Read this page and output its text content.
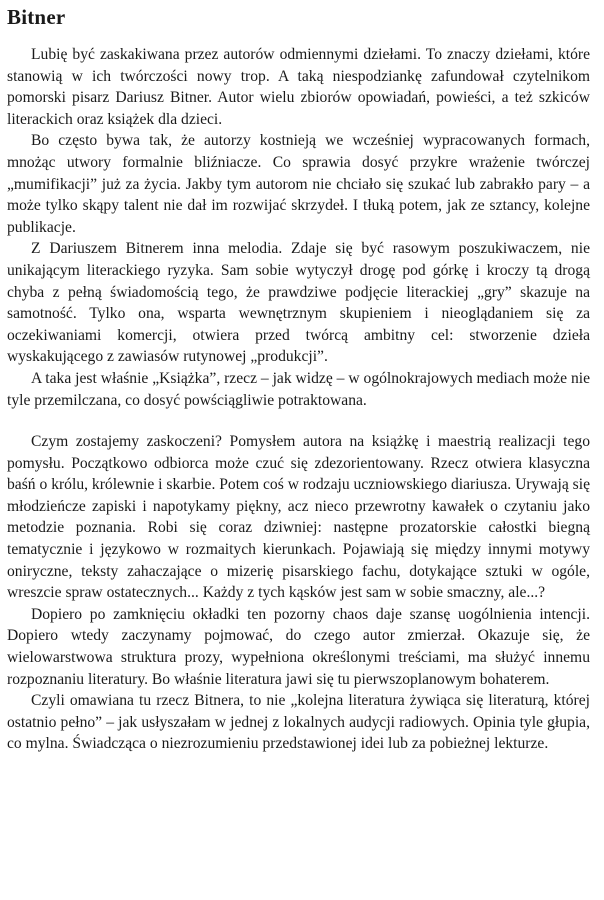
Bitner

Lubię być zaskakiwana przez autorów odmiennymi dziełami. To znaczy dziełami, które stanowią w ich twórczości nowy trop. A taką niespodziankę zafundował czytelnikom pomorski pisarz Dariusz Bitner. Autor wielu zbiorów opowiadań, powieści, a też szkiców literackich oraz książek dla dzieci.

Bo często bywa tak, że autorzy kostnieją we wcześniej wypracowanych formach, mnożąc utwory formalnie bliźniacze. Co sprawia dosyć przykre wrażenie twórczej „mumifikacji” już za życia. Jakby tym autorom nie chciało się szukać lub zabrakło pary – a może tylko skąpy talent nie dał im rozwijać skrzydeł. I tłuką potem, jak ze sztancy, kolejne publikacje.

Z Dariuszem Bitnerem inna melodia. Zdaje się być rasowym poszukiwaczem, nie unikającym literackiego ryzyka. Sam sobie wytyczył drogę pod górkę i kroczy tą drogą chyba z pełną świadomością tego, że prawdziwe podjęcie literackiej „gry” skazuje na samotność. Tylko ona, wsparta wewnętrznym skupieniem i nieoglądaniem się za oczekiwaniami komercji, otwiera przed twórcą ambitny cel: stworzenie dzieła wyskakującego z zawiasów rutynowej „produkcji”.

A taka jest właśnie „Książka”, rzecz – jak widzę – w ogólnokrajowych mediach może nie tyle przemilczana, co dosyć powściągliwie potraktowana.

Czym zostajemy zaskoczeni? Pomysłem autora na książkę i maestrią realizacji tego pomysłu. Początkowo odbiorca może czuć się zdezorientowany. Rzecz otwiera klasyczna baśń o królu, królewnie i skarbie. Potem coś w rodzaju uczniowskiego diariusza. Urywają się młodzieńcze zapiski i napotykamy piękny, acz nieco przewrotny kawałek o czytaniu jako metodzie poznania. Robi się coraz dziwniej: następne prozatorskie całostki biegną tematycznie i językowo w rozmaitych kierunkach. Pojawiają się między innymi motywy oniryczne, teksty zahaczające o mizerię pisarskiego fachu, dotykające sztuki w ogóle, wreszcie spraw ostatecznych... Każdy z tych kąsków jest sam w sobie smaczny, ale...?

Dopiero po zamknięciu okładki ten pozorny chaos daje szansę uogólnienia intencji. Dopiero wtedy zaczynamy pojmować, do czego autor zmierzał. Okazuje się, że wielowarstwowa struktura prozy, wypełniona określonymi treściami, ma służyć innemu rozpoznaniu literatury. Bo właśnie literatura jawi się tu pierwszoplanowym bohaterem.

Czyli omawiana tu rzecz Bitnera, to nie „kolejna literatura żywiąca się literaturą, której ostatnio pełno” – jak usłyszałam w jednej z lokalnych audycji radiowych. Opinia tyle głupia, co mylna. Świadcząca o niezrozumieniu przedstawionej idei lub za pobieżnej lekturze.
